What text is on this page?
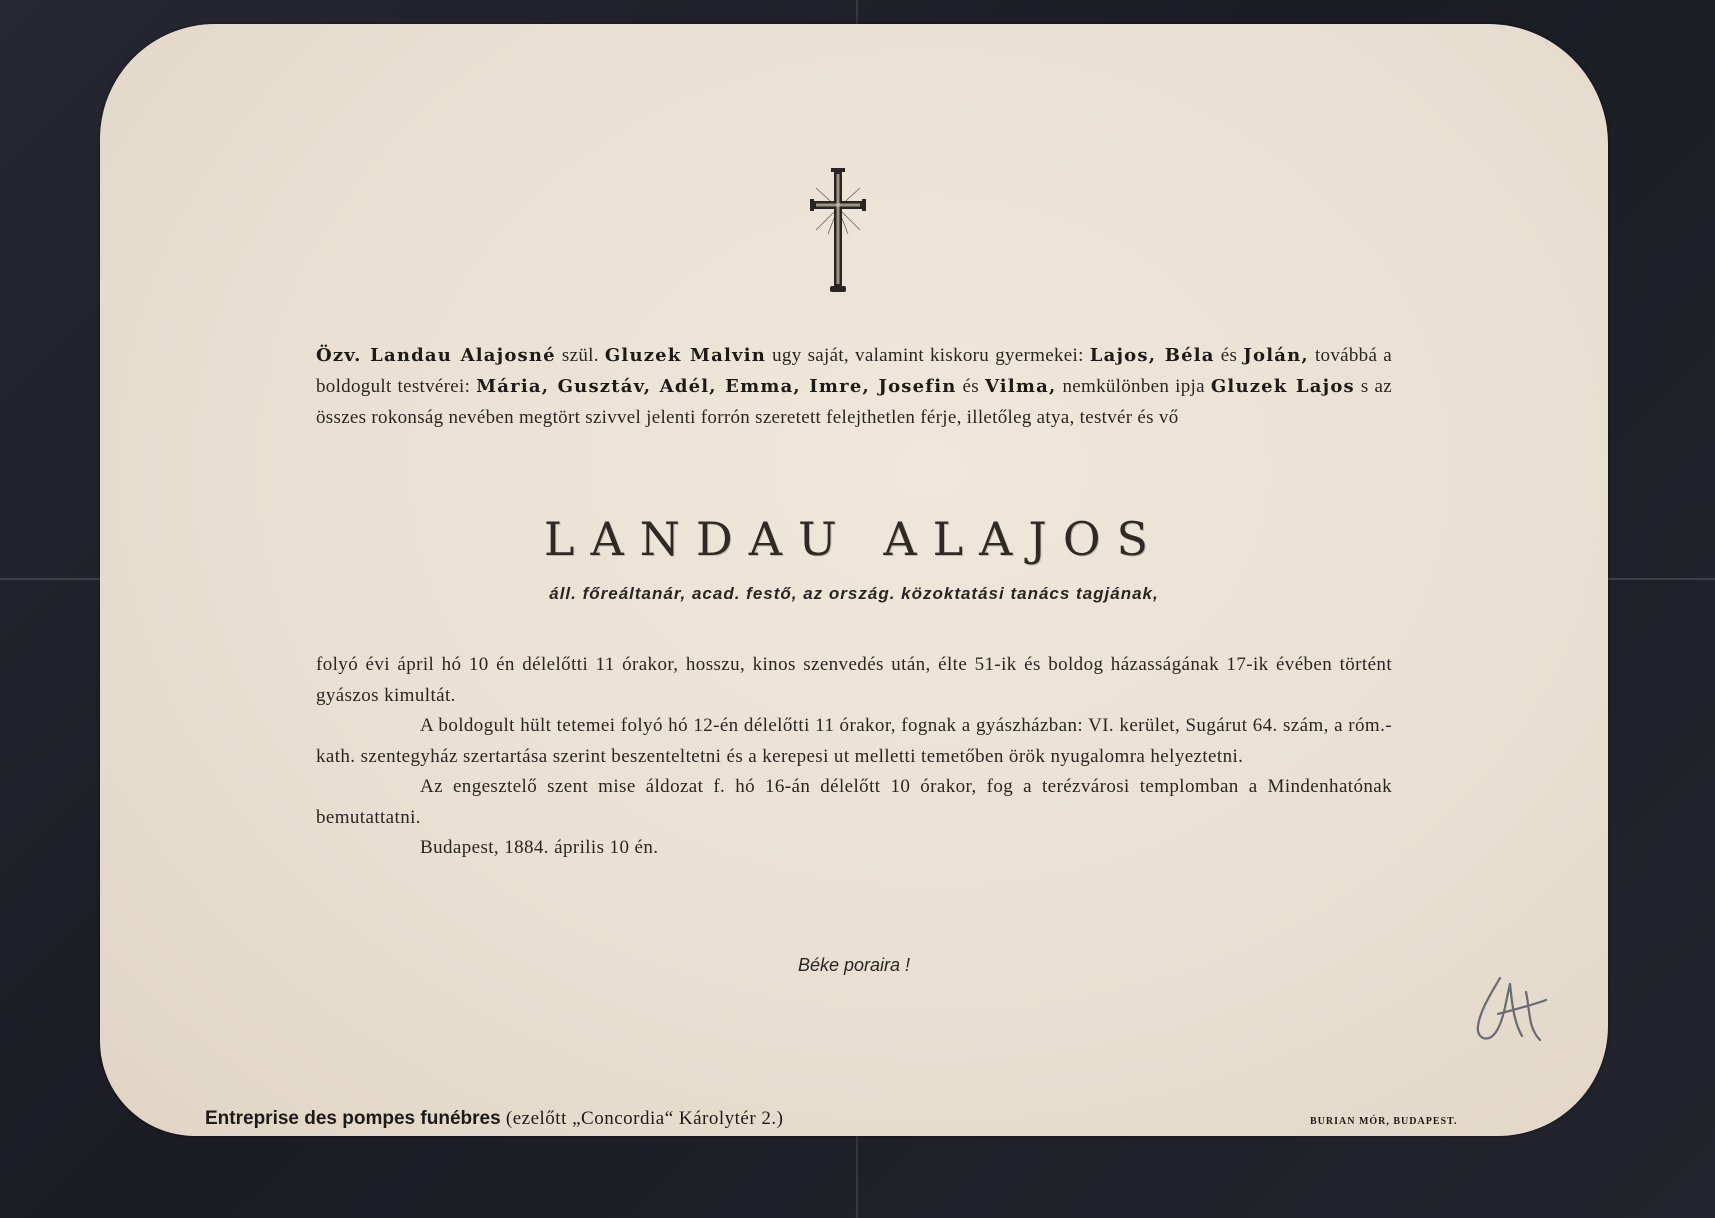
Özv. Landau Alajosné szül. Gluzek Malvin ugy saját, valamint kiskoru gyermekei: Lajos, Béla és Jolán, továbbá a boldogult testvérei: Mária, Gusztáv, Adél, Emma, Imre, Josefin és Vilma, nemkülönben ipja Gluzek Lajos s az összes rokonság nevében megtört szivvel jelenti forrón szeretett felejthetlen férje, illetőleg atya, testvér és vő
LANDAU ALAJOS
áll. főreáltanár, acad. festő, az ország. közoktatási tanács tagjának,

folyó évi ápril hó 10 én délelőtti 11 órakor, hosszu, kinos szenvedés után, élte 51-ik és boldog házasságának 17-ik évében történt gyászos kimultát.

A boldogult hült tetemei folyó hó 12-én délelőtti 11 órakor, fognak a gyászházban: VI. kerület, Sugárut 64. szám, a róm.-kath. szentegyház szertartása szerint beszenteltetni és a kerepesi ut melletti temetőben örök nyugalomra helyeztetni.

Az engesztelő szent mise áldozat f. hó 16-án délelőtt 10 órakor, fog a terézvárosi templomban a Mindenhatónak bemutattatni.

Budapest, 1884. április 10 én.

Béke poraira !
Entreprise des pompes funébres (ezelőtt „Concordia“ Károlytér 2.)	BURIAN MÓR, BUDAPEST.
